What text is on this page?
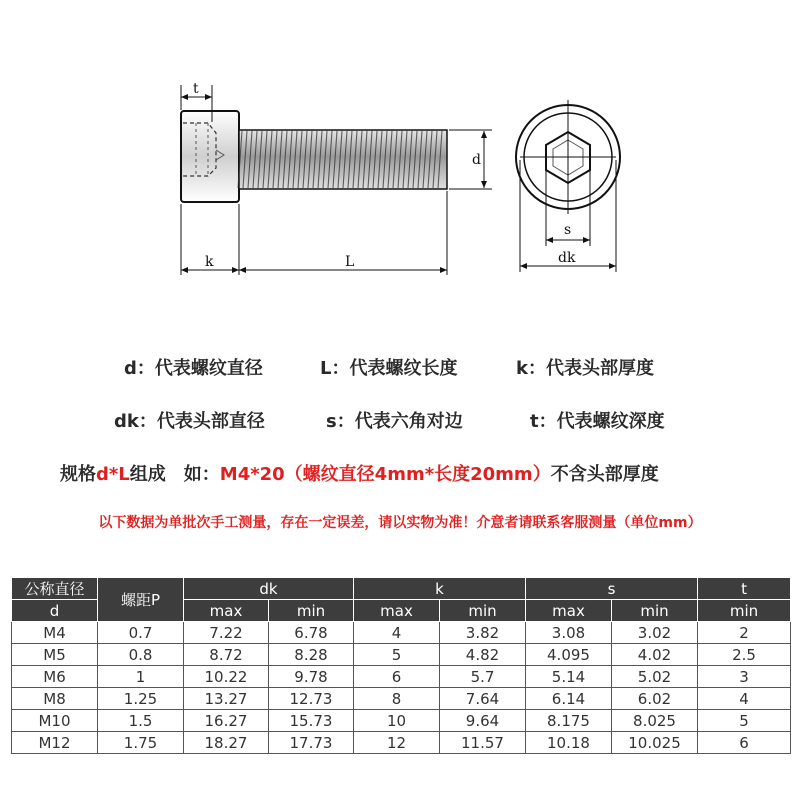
t
d
k	L
s
dk
d：代表螺纹直径	L：代表螺纹长度	k：代表头部厚度
dk：代表头部直径	s：代表六角对边	t：代表螺纹深度
规格d*L组成　如：M4*20（螺纹直径4mm*长度20mm）不含头部厚度
以下数据为单批次手工测量，存在一定误差，请以实物为准！介意者请联系客服测量（单位mm）
公称直径	螺距P	dk		k		s		t
d		max	min	max	min	max	min	min
M4	0.7	7.22	6.78	4	3.82	3.08	3.02	2
M5	0.8	8.72	8.28	5	4.82	4.095	4.02	2.5
M6	1	10.22	9.78	6	5.7	5.14	5.02	3
M8	1.25	13.27	12.73	8	7.64	6.14	6.02	4
M10	1.5	16.27	15.73	10	9.64	8.175	8.025	5
M12	1.75	18.27	17.73	12	11.57	10.18	10.025	6
